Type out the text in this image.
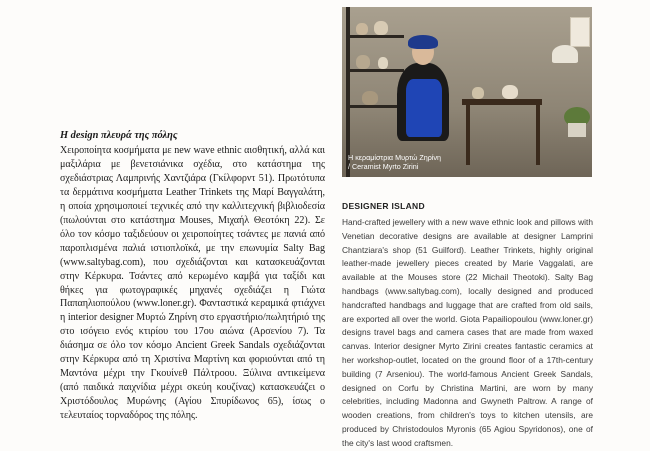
Η design πλευρά της πόλης

Χειροποίητα κοσμήματα με new wave ethnic αισθητική, αλλά και μαξιλάρια με βενετσιάνικα σχέδια, στο κατάστημα της σχεδιάστριας Λαμπρινής Χαντζιάρα (Γκίλφορντ 51). Πρωτότυπα τα δερμάτινα κοσμήματα Leather Trinkets της Μαρί Βαγγαλάτη, η οποία χρησιμοποιεί τεχνικές από την καλλιτεχνική βιβλιοδεσία (πωλούνται στο κατάστημα Mouses, Μιχαήλ Θεοτόκη 22). Σε όλο τον κόσμο ταξιδεύουν οι χειροποίητες τσάντες με πανιά από παροπλισμένα παλιά ιστιοπλοϊκά, με την επωνυμία Salty Bag (www.saltybag.com), που σχεδιάζονται και κατασκευάζονται στην Κέρκυρα. Τσάντες από κερωμένο καμβά για ταξίδι και θήκες για φωτογραφικές μηχανές σχεδιάζει η Γιώτα Παπαηλιοπούλου (www.loner.gr). Φανταστικά κεραμικά φτιάχνει η interior designer Μυρτώ Ζηρίνη στο εργαστήριο/πωλητήριό της στο ισόγειο ενός κτιρίου του 17ου αιώνα (Αρσενίου 7). Τα διάσημα σε όλο τον κόσμο Ancient Greek Sandals σχεδιάζονται στην Κέρκυρα από τη Χριστίνα Μαρτίνη και φοριούνται από τη Μαντόνα μέχρι την Γκουίνεθ Πάλτροου. Ξύλινα αντικείμενα (από παιδικά παιχνίδια μέχρι σκεύη κουζίνας) κατασκευάζει ο Χριστόδουλος Μυρώνης (Αγίου Σπυρίδωνος 65), ίσως ο τελευταίος τορναδόρος της πόλης.

Η κεραμίστρια Μυρτώ Ζηρίνη
/ Ceramist Myrto Zirini

DESIGNER ISLAND

Hand-crafted jewellery with a new wave ethnic look and pillows with Venetian decorative designs are available at designer Lamprini Chantziara's shop (51 Guilford). Leather Trinkets, highly original leather-made jewellery pieces created by Marie Vaggalati, are available at the Mouses store (22 Michail Theotoki). Salty Bag handbags (www.saltybag.com), locally designed and produced handcrafted handbags and luggage that are crafted from old sails, are exported all over the world. Giota Papailiopoulou (www.loner.gr) designs travel bags and camera cases that are made from waxed canvas. Interior designer Myrto Zirini creates fantastic ceramics at her workshop-outlet, located on the ground floor of a 17th-century building (7 Arseniou). The world-famous Ancient Greek Sandals, designed on Corfu by Christina Martini, are worn by many celebrities, including Madonna and Gwyneth Paltrow. A range of wooden creations, from children's toys to kitchen utensils, are produced by Christodoulos Myronis (65 Agiou Spyridonos), one of the city's last wood craftsmen.
